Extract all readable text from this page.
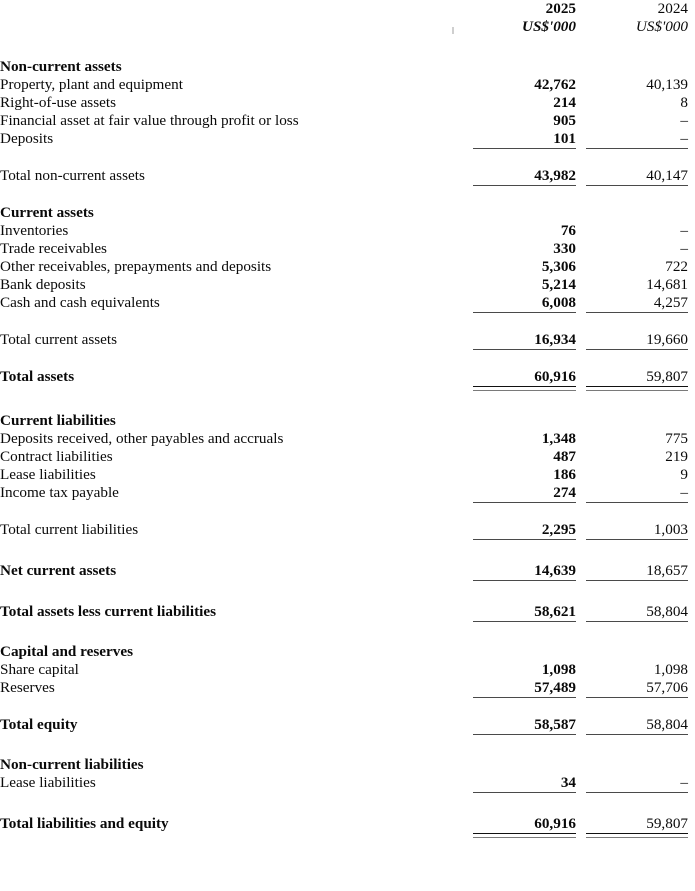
		2025		2024	
		US$'000		US$'000	

Non-current assets					
Property, plant and equipment		42,762		40,139	
Right-of-use assets		214		8	
Financial asset at fair value through profit or loss		905		–	
Deposits		101		–	

Total non-current assets		43,982		40,147	

Current assets					
Inventories		76		–	
Trade receivables		330		–	
Other receivables, prepayments and deposits		5,306		722	
Bank deposits		5,214		14,681	
Cash and cash equivalents		6,008		4,257	

Total current assets		16,934		19,660	

Total assets		60,916		59,807	

Current liabilities					
Deposits received, other payables and accruals		1,348		775	
Contract liabilities		487		219	
Lease liabilities		186		9	
Income tax payable		274		–	

Total current liabilities		2,295		1,003	

Net current assets		14,639		18,657	

Total assets less current liabilities		58,621		58,804	

Capital and reserves					
Share capital		1,098		1,098	
Reserves		57,489		57,706	

Total equity		58,587		58,804	

Non-current liabilities					
Lease liabilities		34		–	

Total liabilities and equity		60,916		59,807	
